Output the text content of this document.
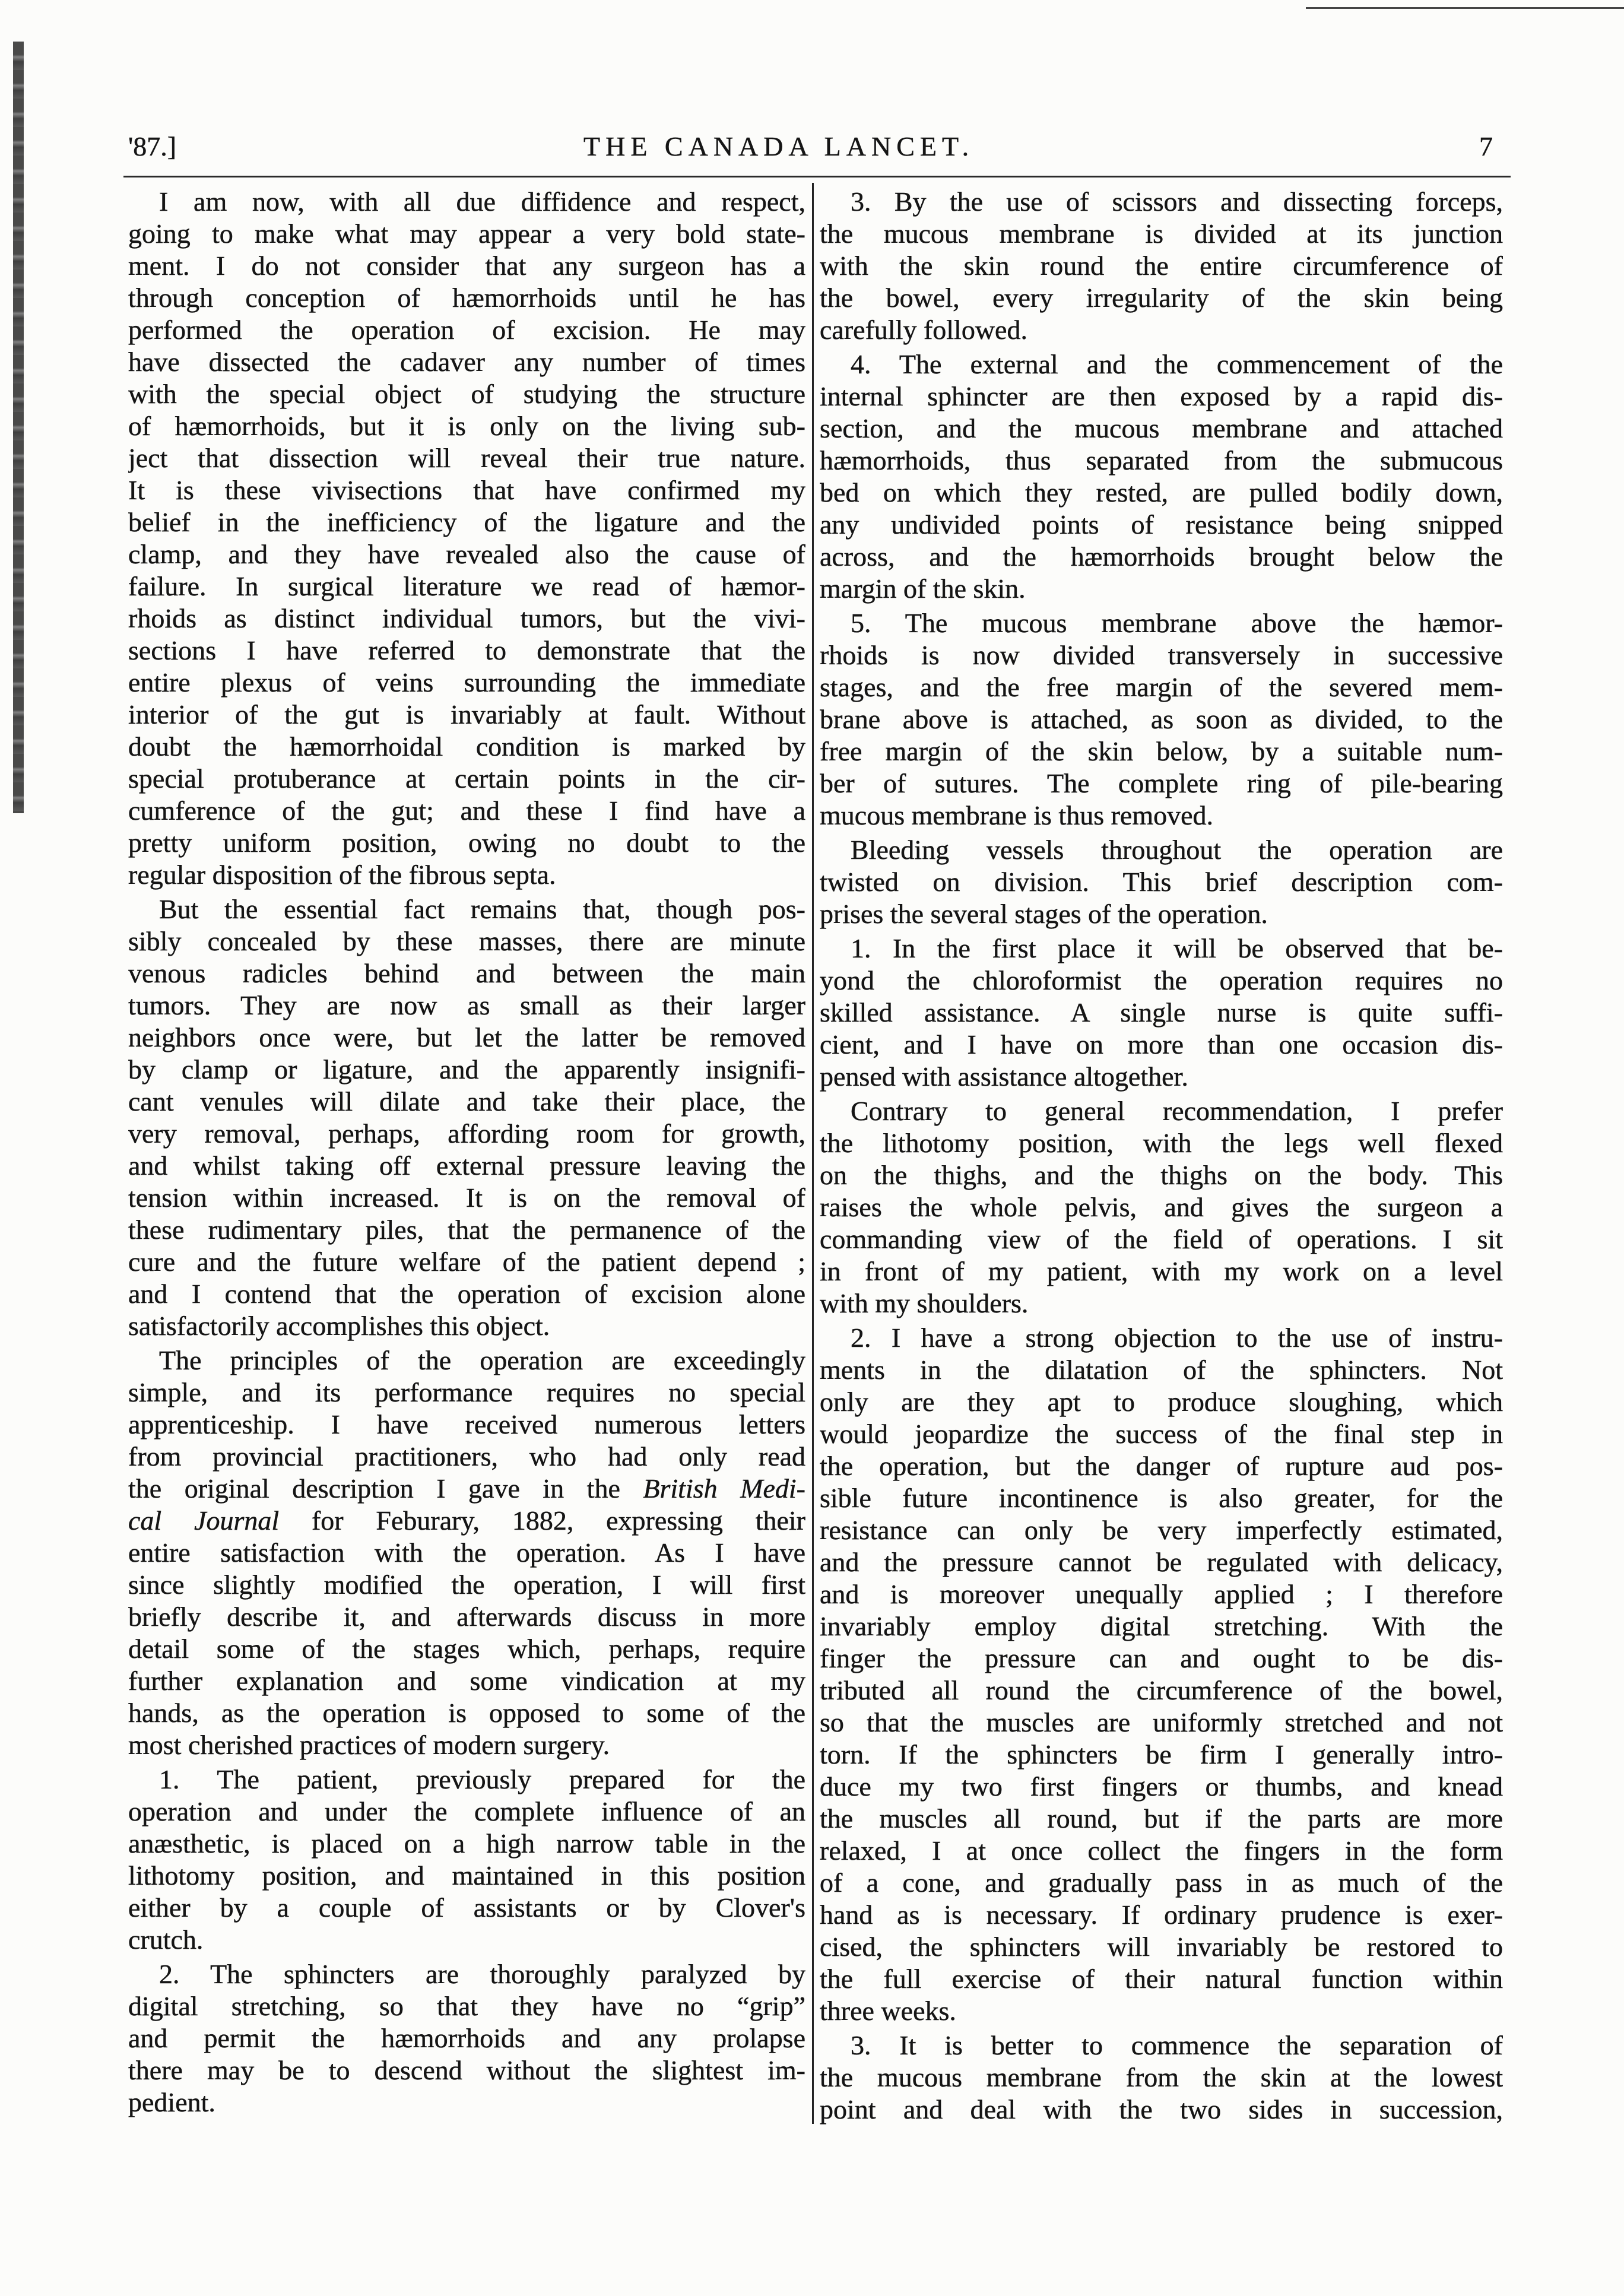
'87.]	THE CANADA LANCET.	7
I am now, with all due diffidence and respect,
going to make what may appear a very bold state-
ment. I do not consider that any surgeon has a
through conception of hæmorrhoids until he has
performed the operation of excision. He may
have dissected the cadaver any number of times
with the special object of studying the structure
of hæmorrhoids, but it is only on the living sub-
ject that dissection will reveal their true nature.
It is these vivisections that have confirmed my
belief in the inefficiency of the ligature and the
clamp, and they have revealed also the cause of
failure. In surgical literature we read of hæmor-
rhoids as distinct individual tumors, but the vivi-
sections I have referred to demonstrate that the
entire plexus of veins surrounding the immediate
interior of the gut is invariably at fault. Without
doubt the hæmorrhoidal condition is marked by
special protuberance at certain points in the cir-
cumference of the gut; and these I find have a
pretty uniform position, owing no doubt to the
regular disposition of the fibrous septa.
But the essential fact remains that, though pos-
sibly concealed by these masses, there are minute
venous radicles behind and between the main
tumors. They are now as small as their larger
neighbors once were, but let the latter be removed
by clamp or ligature, and the apparently insignifi-
cant venules will dilate and take their place, the
very removal, perhaps, affording room for growth,
and whilst taking off external pressure leaving the
tension within increased. It is on the removal of
these rudimentary piles, that the permanence of the
cure and the future welfare of the patient depend ;
and I contend that the operation of excision alone
satisfactorily accomplishes this object.
The principles of the operation are exceedingly
simple, and its performance requires no special
apprenticeship. I have received numerous letters
from provincial practitioners, who had only read
the original description I gave in the British Medi-
cal Journal for Feburary, 1882, expressing their
entire satisfaction with the operation. As I have
since slightly modified the operation, I will first
briefly describe it, and afterwards discuss in more
detail some of the stages which, perhaps, require
further explanation and some vindication at my
hands, as the operation is opposed to some of the
most cherished practices of modern surgery.
1. The patient, previously prepared for the
operation and under the complete influence of an
anæsthetic, is placed on a high narrow table in the
lithotomy position, and maintained in this position
either by a couple of assistants or by Clover's
crutch.
2. The sphincters are thoroughly paralyzed by
digital stretching, so that they have no “grip”
and permit the hæmorrhoids and any prolapse
there may be to descend without the slightest im-
pedient.
3. By the use of scissors and dissecting forceps,
the mucous membrane is divided at its junction
with the skin round the entire circumference of
the bowel, every irregularity of the skin being
carefully followed.
4. The external and the commencement of the
internal sphincter are then exposed by a rapid dis-
section, and the mucous membrane and attached
hæmorrhoids, thus separated from the submucous
bed on which they rested, are pulled bodily down,
any undivided points of resistance being snipped
across, and the hæmorrhoids brought below the
margin of the skin.
5. The mucous membrane above the hæmor-
rhoids is now divided transversely in successive
stages, and the free margin of the severed mem-
brane above is attached, as soon as divided, to the
free margin of the skin below, by a suitable num-
ber of sutures. The complete ring of pile-bearing
mucous membrane is thus removed.
Bleeding vessels throughout the operation are
twisted on division. This brief description com-
prises the several stages of the operation.
1. In the first place it will be observed that be-
yond the chloroformist the operation requires no
skilled assistance. A single nurse is quite suffi-
cient, and I have on more than one occasion dis-
pensed with assistance altogether.
Contrary to general recommendation, I prefer
the lithotomy position, with the legs well flexed
on the thighs, and the thighs on the body. This
raises the whole pelvis, and gives the surgeon a
commanding view of the field of operations. I sit
in front of my patient, with my work on a level
with my shoulders.
2. I have a strong objection to the use of instru-
ments in the dilatation of the sphincters. Not
only are they apt to produce sloughing, which
would jeopardize the success of the final step in
the operation, but the danger of rupture aud pos-
sible future incontinence is also greater, for the
resistance can only be very imperfectly estimated,
and the pressure cannot be regulated with delicacy,
and is moreover unequally applied ; I therefore
invariably employ digital stretching. With the
finger the pressure can and ought to be dis-
tributed all round the circumference of the bowel,
so that the muscles are uniformly stretched and not
torn. If the sphincters be firm I generally intro-
duce my two first fingers or thumbs, and knead
the muscles all round, but if the parts are more
relaxed, I at once collect the fingers in the form
of a cone, and gradually pass in as much of the
hand as is necessary. If ordinary prudence is exer-
cised, the sphincters will invariably be restored to
the full exercise of their natural function within
three weeks.
3. It is better to commence the separation of
the mucous membrane from the skin at the lowest
point and deal with the two sides in succession,
